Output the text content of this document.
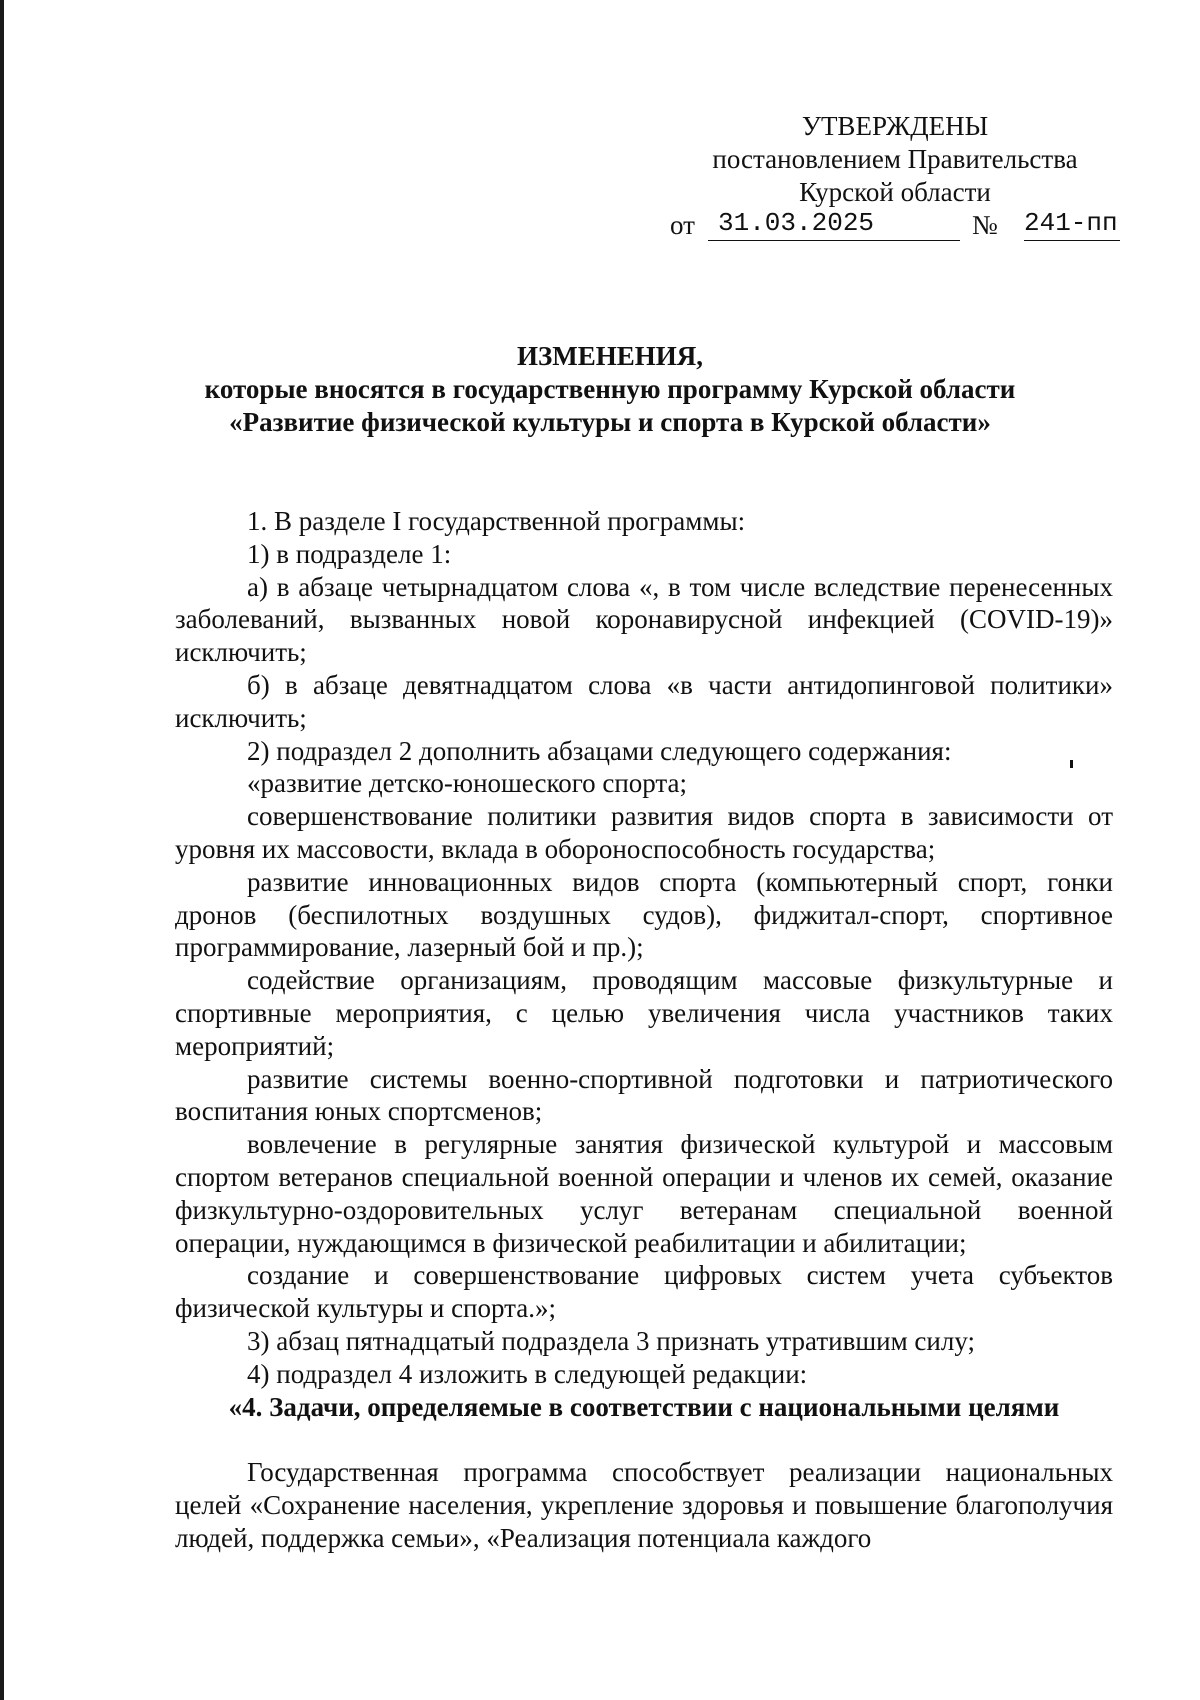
УТВЕРЖДЕНЫ
постановлением Правительства
Курской области
от 31.03.2025	№ 241-пп
ИЗМЕНЕНИЯ,
которые вносятся в государственную программу Курской области
«Развитие физической культуры и спорта в Курской области»

1. В разделе I государственной программы:

1) в подразделе 1:

а) в абзаце четырнадцатом слова «, в том числе вследствие перенесенных заболеваний, вызванных новой коронавирусной инфекцией (COVID-19)» исключить;

б) в абзаце девятнадцатом слова «в части антидопинговой политики» исключить;

2) подраздел 2 дополнить абзацами следующего содержания:

«развитие детско-юношеского спорта;

совершенствование политики развития видов спорта в зависимости от уровня их массовости, вклада в обороноспособность государства;

развитие инновационных видов спорта (компьютерный спорт, гонки дронов (беспилотных воздушных судов), фиджитал-спорт, спортивное программирование, лазерный бой и пр.);

содействие организациям, проводящим массовые физкультурные и спортивные мероприятия, с целью увеличения числа участников таких мероприятий;

развитие системы военно-спортивной подготовки и патриотического воспитания юных спортсменов;

вовлечение в регулярные занятия физической культурой и массовым спортом ветеранов специальной военной операции и членов их семей, оказание физкультурно-оздоровительных услуг ветеранам специальной военной операции, нуждающимся в физической реабилитации и абилитации;

создание и совершенствование цифровых систем учета субъектов физической культуры и спорта.»;

3) абзац пятнадцатый подраздела 3 признать утратившим силу;

4) подраздел 4 изложить в следующей редакции:

«4. Задачи, определяемые в соответствии с национальными целями

Государственная программа способствует реализации национальных целей «Сохранение населения, укрепление здоровья и повышение благополучия людей, поддержка семьи», «Реализация потенциала каждого
